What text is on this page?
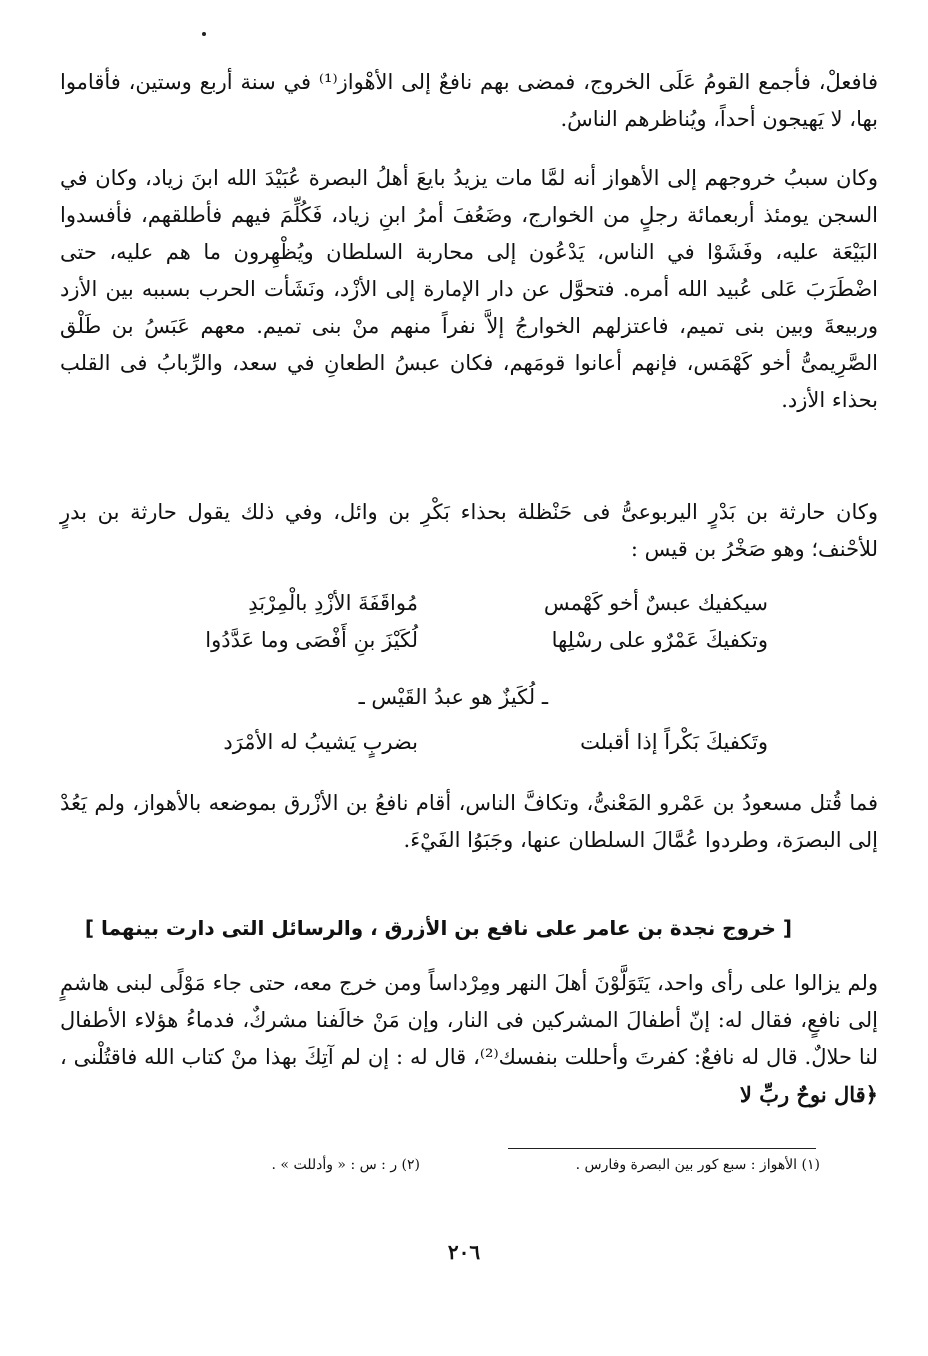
فافعلْ، فأجمع القومُ عَلَى الخروج، فمضى بهم نافعٌ إلى الأهْواز⁽¹⁾ في سنة أربع وستين، فأقاموا بها، لا يَهيجون أحداً، ويُناظرهم الناسُ.

وكان سببُ خروجهم إلى الأهواز أنه لمَّا مات يزيدُ بايعَ أهلُ البصرة عُبَيْدَ الله ابنَ زياد، وكان في السجن يومئذ أربعمائة رجلٍ من الخوارج، وضَعُفَ أمرُ ابنِ زياد، فَكُلِّمَ فيهم فأطلقهم، فأفسدوا البَيْعَة عليه، وفَشَوْا في الناس، يَدْعُون إلى محاربة السلطان ويُظْهِرون ما هم عليه، حتى اضْطَرَبَ عَلى عُبيد الله أمره. فتحوَّل عن دار الإمارة إلى الأزْد، ونَشَأت الحرب بسببه بين الأزد وربيعةَ وبين بنى تميم، فاعتزلهم الخوارجُ إلاَّ نفراً منهم منْ بنى تميم. معهم عَبَسُ بن طَلْق الصَّرِيمىُّ أخو كَهْمَس، فإنهم أعانوا قومَهم، فكان عبسُ الطعانِ في سعد، والرِّبابُ فى القلب بحذاء الأزد.

وكان حارثة بن بَدْرٍ اليربوعىُّ فى حَنْظلة بحذاء بَكْرِ بن وائل، وفي ذلك يقول حارثة بن بدرٍ للأحْنف؛ وهو صَخْرُ بن قيس :

سيكفيك عبسٌ أخو كَهْمس
مُواقَفَةَ الأزْدِ بالْمِرْبَدِ
وتكفيكَ عَمْرٌو على رسْلِها
لُكَيْزَ بنِ أَفْصَى وما عَدَّدُوا
ـ لُكَيزٌ هو عبدُ القَيْس ـ
وتَكفيكَ بَكْراً إذا أقبلت
بضربٍ يَشيبُ له الأمْرَد

فما قُتل مسعودُ بن عَمْرو المَعْنىُّ، وتكافَّ الناس، أقام نافعُ بن الأزْرق بموضعه بالأهواز، ولم يَعُدْ إلى البصرَة، وطردوا عُمَّالَ السلطان عنها، وجَبَوُا الفَيْءَ.

[ خروج نجدة بن عامر على نافع بن الأزرق ، والرسائل التى دارت بينهما ]

ولم يزالوا على رأى واحد، يَتَوَلَّوْنَ أهلَ النهر ومِرْداساً ومن خرج معه، حتى جاء مَوْلًى لبنى هاشمٍ إلى نافعٍ، فقال له: إنّ أطفالَ المشركين فى النار، وإن مَنْ خالَفنا مشركٌ، فدماءُ هؤلاء الأطفال لنا حلالٌ. قال له نافعٌ: كفرتَ وأحللت بنفسك⁽²⁾، قال له : إن لم آتِكَ بهذا منْ كتاب الله فاقتُلْنى ، ﴿قال نوحٌ ربِّ لا

(١) الأهواز : سبع كور بين البصرة وفارس .
(٢) ر : س : « وأدللت » .
٢٠٦
